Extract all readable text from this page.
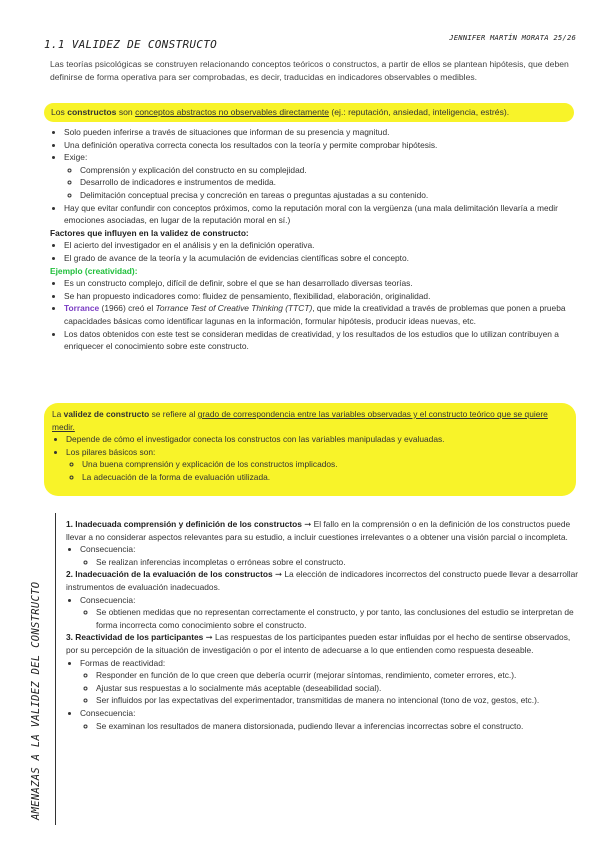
1.1 VALIDEZ DE CONSTRUCTO
JENNIFER MARTÍN MORATA 25/26
Las teorías psicológicas se construyen relacionando conceptos teóricos o constructos, a partir de ellos se plantean hipótesis, que deben definirse de forma operativa para ser comprobadas, es decir, traducidas en indicadores observables o medibles.
Los constructos son conceptos abstractos no observables directamente (ej.: reputación, ansiedad, inteligencia, estrés).
• Solo pueden inferirse a través de situaciones que informan de su presencia y magnitud.
• Una definición operativa correcta conecta los resultados con la teoría y permite comprobar hipótesis.
• Exige:
◦ Comprensión y explicación del constructo en su complejidad.
◦ Desarrollo de indicadores e instrumentos de medida.
◦ Delimitación conceptual precisa y concreción en tareas o preguntas ajustadas a su contenido.
• Hay que evitar confundir con conceptos próximos, como la reputación moral con la vergüenza (una mala delimitación llevaría a medir emociones asociadas, en lugar de la reputación moral en sí.)
Factores que influyen en la validez de constructo:
• El acierto del investigador en el análisis y en la definición operativa.
• El grado de avance de la teoría y la acumulación de evidencias científicas sobre el concepto.
Ejemplo (creatividad):
• Es un constructo complejo, difícil de definir, sobre el que se han desarrollado diversas teorías.
• Se han propuesto indicadores como: fluidez de pensamiento, flexibilidad, elaboración, originalidad.
• Torrance (1966) creó el Torrance Test of Creative Thinking (TTCT), que mide la creatividad a través de problemas que ponen a prueba capacidades básicas como identificar lagunas en la información, formular hipótesis, producir ideas nuevas, etc.
• Los datos obtenidos con este test se consideran medidas de creatividad, y los resultados de los estudios que lo utilizan contribuyen a enriquecer el conocimiento sobre este constructo.
La validez de constructo se refiere al grado de correspondencia entre las variables observadas y el constructo teórico que se quiere medir.
• Depende de cómo el investigador conecta los constructos con las variables manipuladas y evaluadas.
• Los pilares básicos son:
◦ Una buena comprensión y explicación de los constructos implicados.
◦ La adecuación de la forma de evaluación utilizada.
AMENAZAS A LA VALIDEZ DEL CONSTRUCTO

1. Inadecuada comprensión y definición de los constructos ➞ El fallo en la comprensión o en la definición de los constructos puede llevar a no considerar aspectos relevantes para su estudio, a incluir cuestiones irrelevantes o a obtener una visión parcial o incompleta.

• Consecuencia:
◦ Se realizan inferencias incompletas o erróneas sobre el constructo.

2. Inadecuación de la evaluación de los constructos ➞ La elección de indicadores incorrectos del constructo puede llevar a desarrollar instrumentos de evaluación inadecuados.

• Consecuencia:
◦ Se obtienen medidas que no representan correctamente el constructo, y por tanto, las conclusiones del estudio se interpretan de forma incorrecta como conocimiento sobre el constructo.

3. Reactividad de los participantes ➞ Las respuestas de los participantes pueden estar influidas por el hecho de sentirse observados, por su percepción de la situación de investigación o por el intento de adecuarse a lo que entienden como respuesta deseable.

• Formas de reactividad:
◦ Responder en función de lo que creen que debería ocurrir (mejorar síntomas, rendimiento, cometer errores, etc.).
◦ Ajustar sus respuestas a lo socialmente más aceptable (deseabilidad social).
◦ Ser influidos por las expectativas del experimentador, transmitidas de manera no intencional (tono de voz, gestos, etc.).
• Consecuencia:
◦ Se examinan los resultados de manera distorsionada, pudiendo llevar a inferencias incorrectas sobre el constructo.
